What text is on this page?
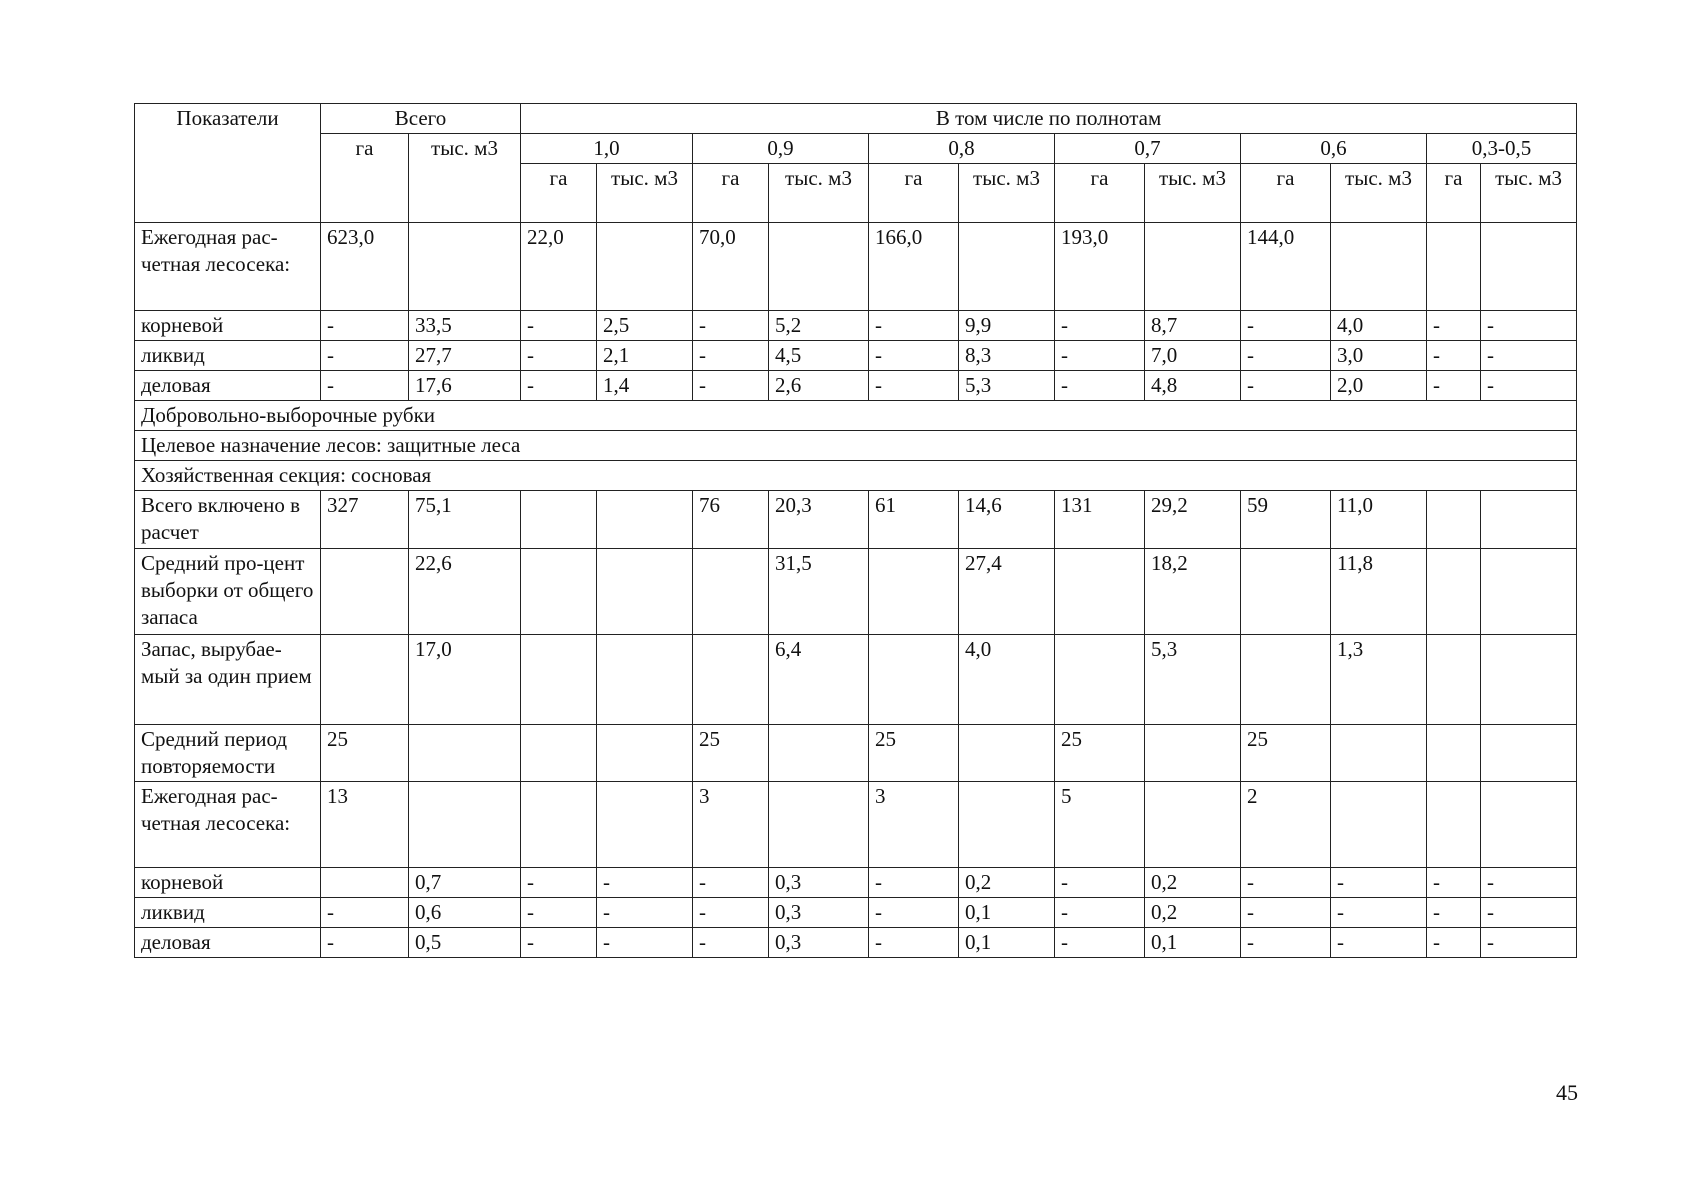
Показатели	Всего		В том числе по полнотам											
	га	тыс. м3	1,0		0,9		0,8		0,7		0,6		0,3-0,5	
			га	тыс. м3	га	тыс. м3	га	тыс. м3	га	тыс. м3	га	тыс. м3	га	тыс. м3
Ежегодная рас-четная лесосека:	623,0		22,0		70,0		166,0		193,0		144,0			
корневой	-	33,5	-	2,5	-	5,2	-	9,9	-	8,7	-	4,0	-	-
ликвид	-	27,7	-	2,1	-	4,5	-	8,3	-	7,0	-	3,0	-	-
деловая	-	17,6	-	1,4	-	2,6	-	5,3	-	4,8	-	2,0	-	-
Добровольно-выборочные рубки														
Целевое назначение лесов: защитные леса														
Хозяйственная секция: сосновая														
Всего включено в расчет	327	75,1			76	20,3	61	14,6	131	29,2	59	11,0		
Средний про-цент выборки от общего запаса		22,6				31,5		27,4		18,2		11,8		
Запас, вырубае-мый за один прием		17,0				6,4		4,0		5,3		1,3		
Средний период повторяемости	25				25		25		25		25			
Ежегодная рас-четная лесосека:	13				3		3		5		2			
корневой		0,7	-	-	-	0,3	-	0,2	-	0,2	-	-	-	-
ликвид	-	0,6	-	-	-	0,3	-	0,1	-	0,2	-	-	-	-
деловая	-	0,5	-	-	-	0,3	-	0,1	-	0,1	-	-	-	-
45
